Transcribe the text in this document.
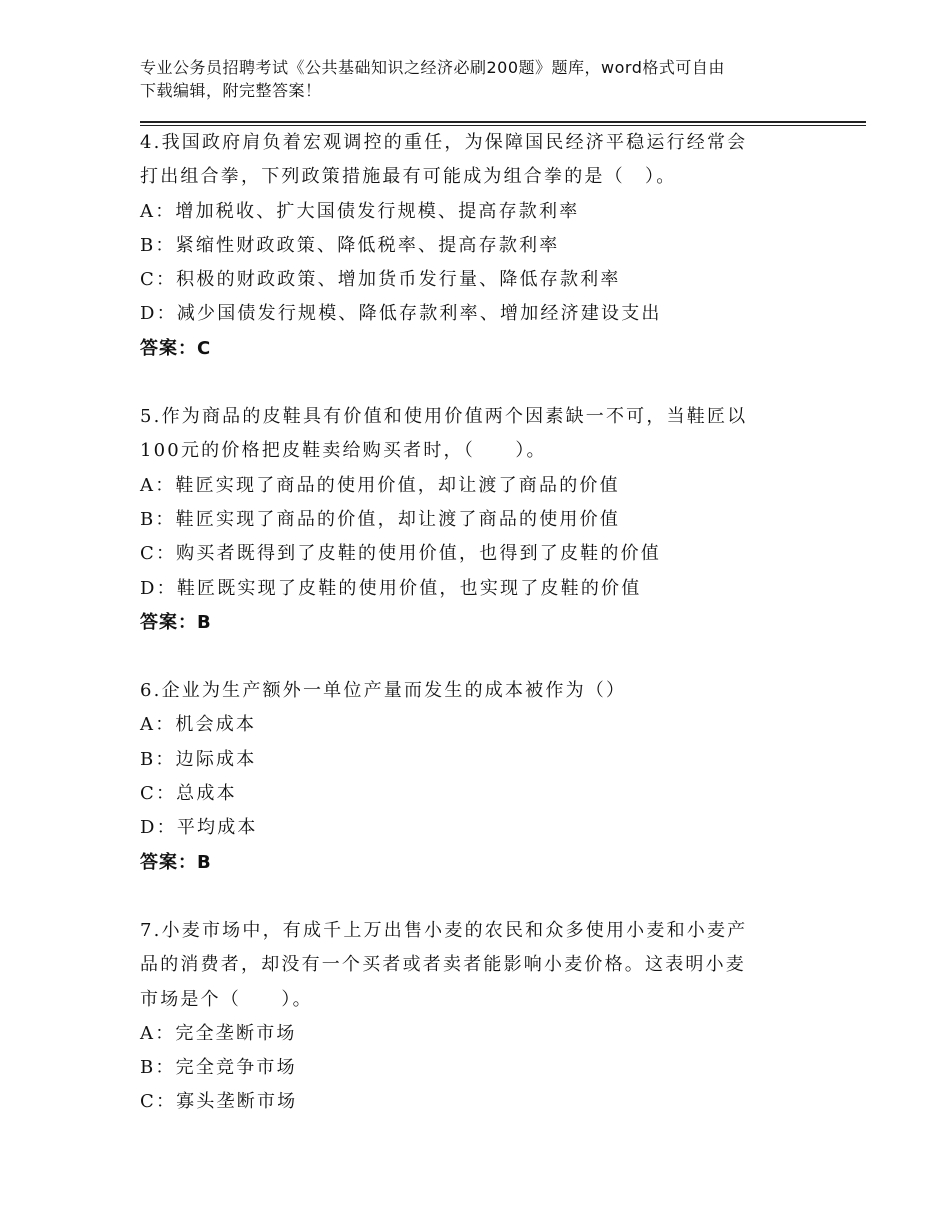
专业公务员招聘考试《公共基础知识之经济必刷200题》题库，word格式可自由
下载编辑，附完整答案！
4.我国政府肩负着宏观调控的重任，为保障国民经济平稳运行经常会
打出组合拳，下列政策措施最有可能成为组合拳的是（　）。
A：增加税收、扩大国债发行规模、提高存款利率
B：紧缩性财政政策、降低税率、提高存款利率
C：积极的财政政策、增加货币发行量、降低存款利率
D：减少国债发行规模、降低存款利率、增加经济建设支出
答案：C
5.作为商品的皮鞋具有价值和使用价值两个因素缺一不可，当鞋匠以
100元的价格把皮鞋卖给购买者时，（　　）。
A：鞋匠实现了商品的使用价值，却让渡了商品的价值
B：鞋匠实现了商品的价值，却让渡了商品的使用价值
C：购买者既得到了皮鞋的使用价值，也得到了皮鞋的价值
D：鞋匠既实现了皮鞋的使用价值，也实现了皮鞋的价值
答案：B
6.企业为生产额外一单位产量而发生的成本被作为（）
A：机会成本
B：边际成本
C：总成本
D：平均成本
答案：B
7.小麦市场中，有成千上万出售小麦的农民和众多使用小麦和小麦产
品的消费者，却没有一个买者或者卖者能影响小麦价格。这表明小麦
市场是个（　　）。
A：完全垄断市场
B：完全竞争市场
C：寡头垄断市场
